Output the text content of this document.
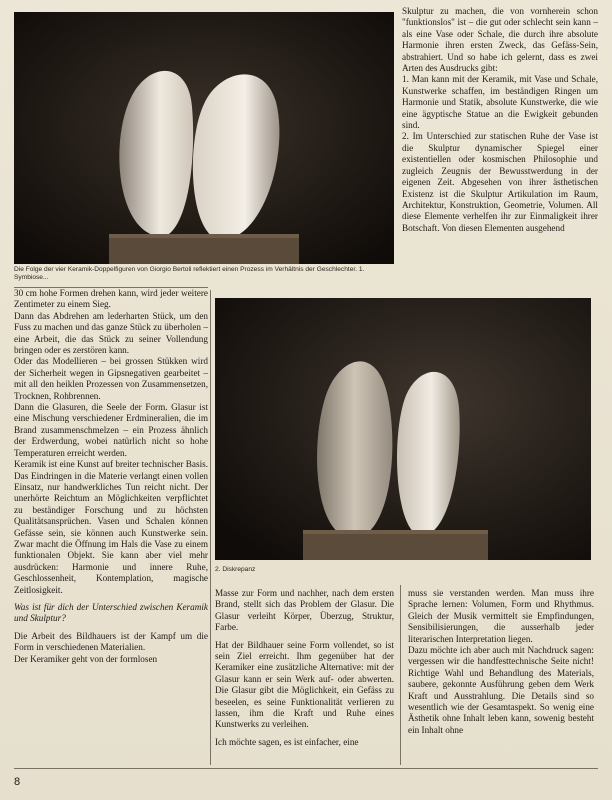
Die Folge der vier Keramik-Doppelfiguren von Giorgio Bertoli reflektiert einen Prozess im Verhältnis der Geschlechter. 1. Symbiose...

Skulptur zu machen, die von vornherein schon "funktionslos" ist – die gut oder schlecht sein kann – als eine Vase oder Schale, die durch ihre absolute Harmonie ihren ersten Zweck, das Gefäss-Sein, abstrahiert. Und so habe ich gelernt, dass es zwei Arten des Ausdrucks gibt:

1. Man kann mit der Keramik, mit Vase und Schale, Kunstwerke schaffen, im beständigen Ringen um Harmonie und Statik, absolute Kunstwerke, die wie eine ägyptische Statue an die Ewigkeit gebunden sind.

2. Im Unterschied zur statischen Ruhe der Vase ist die Skulptur dynamischer Spiegel einer existentiellen oder kosmischen Philosophie und zugleich Zeugnis der Bewusstwerdung in der eigenen Zeit. Abgesehen von ihrer ästhetischen Existenz ist die Skulptur Artikulation im Raum, Architektur, Konstruktion, Geometrie, Volumen. All diese Elemente verhelfen ihr zur Einmaligkeit ihrer Botschaft. Von diesen Elementen ausgehend

30 cm hohe Formen drehen kann, wird jeder weitere Zentimeter zu einem Sieg.

Dann das Abdrehen am lederharten Stück, um den Fuss zu machen und das ganze Stück zu überholen – eine Arbeit, die das Stück zu seiner Vollendung bringen oder es zerstören kann.

Oder das Modellieren – bei grossen Stükken wird der Sicherheit wegen in Gipsnegativen gearbeitet – mit all den heiklen Prozessen von Zusammensetzen, Trocknen, Rohbrennen.

Dann die Glasuren, die Seele der Form. Glasur ist eine Mischung verschiedener Erdmineralien, die im Brand zusammenschmelzen – ein Prozess ähnlich der Erdwerdung, wobei natürlich nicht so hohe Temperaturen erreicht werden.

Keramik ist eine Kunst auf breiter technischer Basis. Das Eindringen in die Materie verlangt einen vollen Einsatz, nur handwerkliches Tun reicht nicht. Der unerhörte Reichtum an Möglichkeiten verpflichtet zu beständiger Forschung und zu höchsten Qualitätsansprüchen. Vasen und Schalen können Gefässe sein, sie können auch Kunstwerke sein. Zwar macht die Öffnung im Hals die Vase zu einem funktionalen Objekt. Sie kann aber viel mehr ausdrücken: Harmonie und innere Ruhe, Geschlossenheit, Kontemplation, magische Zeitlosigkeit.

Was ist für dich der Unterschied zwischen Keramik und Skulptur?

Die Arbeit des Bildhauers ist der Kampf um die Form in verschiedenen Materialien.

Der Keramiker geht von der formlosen

2. Diskrepanz

Masse zur Form und nachher, nach dem ersten Brand, stellt sich das Problem der Glasur. Die Glasur verleiht Körper, Überzug, Struktur, Farbe.

Hat der Bildhauer seine Form vollendet, so ist sein Ziel erreicht. Ihm gegenüber hat der Keramiker eine zusätzliche Alternative: mit der Glasur kann er sein Werk auf- oder abwerten. Die Glasur gibt die Möglichkeit, ein Gefäss zu beseelen, es seine Funktionalität verlieren zu lassen, ihm die Kraft und Ruhe eines Kunstwerks zu verleihen.

Ich möchte sagen, es ist einfacher, eine

muss sie verstanden werden. Man muss ihre Sprache lernen: Volumen, Form und Rhythmus. Gleich der Musik vermittelt sie Empfindungen, Sensibilisierungen, die ausserhalb jeder literarischen Interpretation liegen.

Dazu möchte ich aber auch mit Nachdruck sagen: vergessen wir die handfesttechnische Seite nicht! Richtige Wahl und Behandlung des Materials, saubere, gekonnte Ausführung geben dem Werk Kraft und Ausstrahlung. Die Details sind so wesentlich wie der Gesamtaspekt. So wenig eine Ästhetik ohne Inhalt leben kann, sowenig besteht ein Inhalt ohne

8
